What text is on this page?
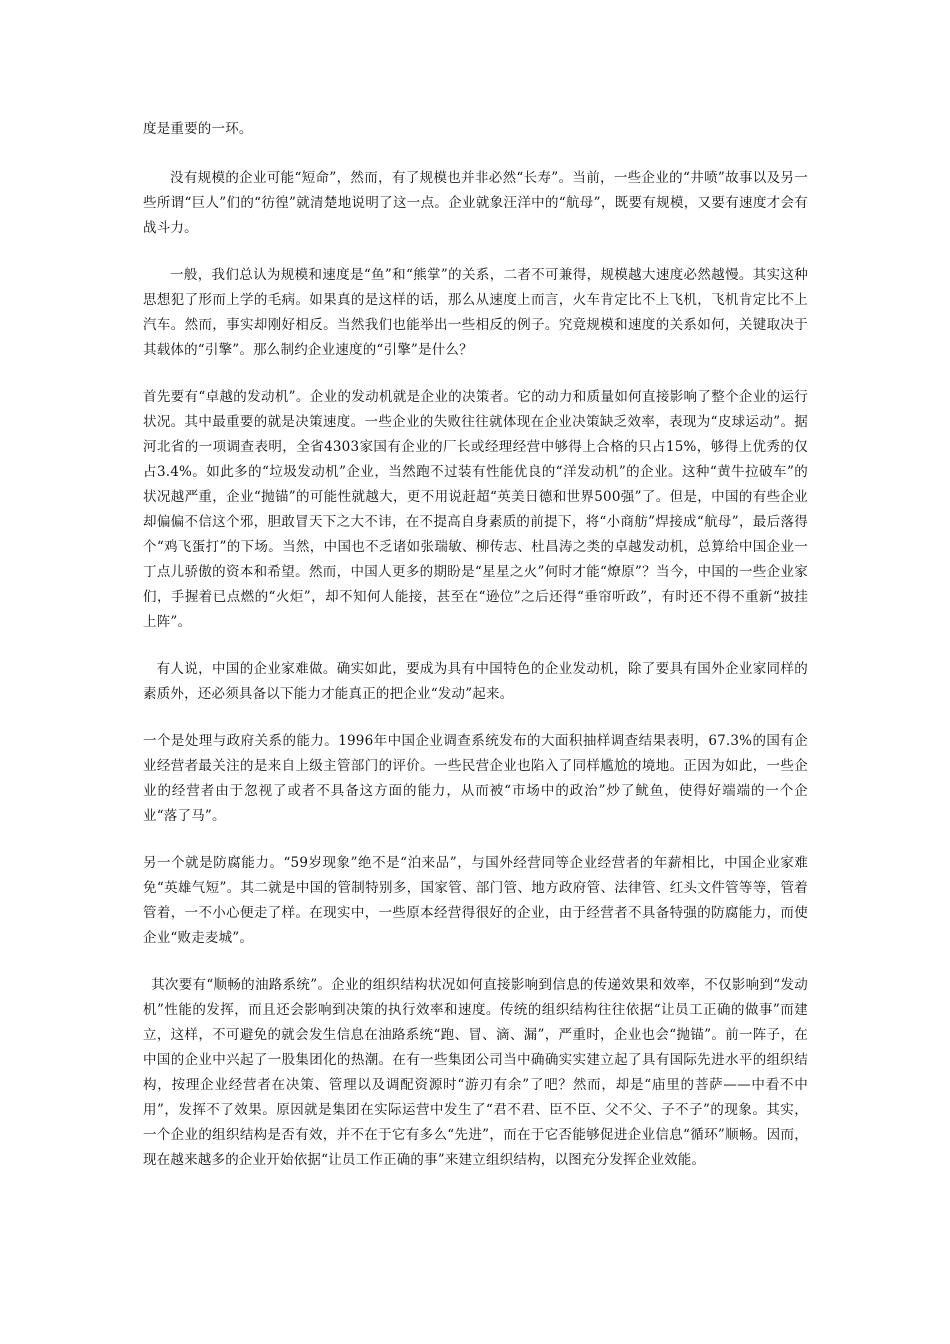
度是重要的一环。

没有规模的企业可能“短命”，然而，有了规模也并非必然“长寿”。当前，一些企业的“井喷”故事以及另一些所谓“巨人”们的“彷徨”就清楚地说明了这一点。企业就象汪洋中的“航母”，既要有规模，又要有速度才会有战斗力。

一般，我们总认为规模和速度是“鱼”和“熊掌”的关系，二者不可兼得，规模越大速度必然越慢。其实这种思想犯了形而上学的毛病。如果真的是这样的话，那么从速度上而言，火车肯定比不上飞机，飞机肯定比不上汽车。然而，事实却刚好相反。当然我们也能举出一些相反的例子。究竟规模和速度的关系如何，关键取决于其载体的“引擎”。那么制约企业速度的“引擎”是什么？

首先要有“卓越的发动机”。企业的发动机就是企业的决策者。它的动力和质量如何直接影响了整个企业的运行状况。其中最重要的就是决策速度。一些企业的失败往往就体现在企业决策缺乏效率，表现为“皮球运动”。据河北省的一项调查表明，全省4303家国有企业的厂长或经理经营中够得上合格的只占15%，够得上优秀的仅占3.4%。如此多的“垃圾发动机”企业，当然跑不过装有性能优良的“洋发动机”的企业。这种“黄牛拉破车”的状况越严重，企业“抛锚”的可能性就越大，更不用说赶超“英美日德和世界500强”了。但是，中国的有些企业却偏偏不信这个邪，胆敢冒天下之大不讳，在不提高自身素质的前提下，将“小商舫”焊接成“航母”，最后落得个“鸡飞蛋打”的下场。当然，中国也不乏诸如张瑞敏、柳传志、杜昌涛之类的卓越发动机，总算给中国企业一丁点儿骄傲的资本和希望。然而，中国人更多的期盼是“星星之火”何时才能“燎原”？当今，中国的一些企业家们，手握着已点燃的“火炬”，却不知何人能接，甚至在“逊位”之后还得“垂帘听政”，有时还不得不重新“披挂上阵”。

有人说，中国的企业家难做。确实如此，要成为具有中国特色的企业发动机，除了要具有国外企业家同样的素质外，还必须具备以下能力才能真正的把企业“发动”起来。

一个是处理与政府关系的能力。1996年中国企业调查系统发布的大面积抽样调查结果表明，67.3%的国有企业经营者最关注的是来自上级主管部门的评价。一些民营企业也陷入了同样尴尬的境地。正因为如此，一些企业的经营者由于忽视了或者不具备这方面的能力，从而被“市场中的政治”炒了鱿鱼，使得好端端的一个企业“落了马”。

另一个就是防腐能力。“59岁现象”绝不是“泊来品”，与国外经营同等企业经营者的年薪相比，中国企业家难免“英雄气短”。其二就是中国的管制特别多，国家管、部门管、地方政府管、法律管、红头文件管等等，管着管着，一不小心便走了样。在现实中，一些原本经营得很好的企业，由于经营者不具备特强的防腐能力，而使企业“败走麦城”。

其次要有“顺畅的油路系统”。企业的组织结构状况如何直接影响到信息的传递效果和效率，不仅影响到“发动机”性能的发挥，而且还会影响到决策的执行效率和速度。传统的组织结构往往依据“让员工正确的做事”而建立，这样，不可避免的就会发生信息在油路系统“跑、冒、滴、漏”，严重时，企业也会“抛锚”。前一阵子，在中国的企业中兴起了一股集团化的热潮。在有一些集团公司当中确确实实建立起了具有国际先进水平的组织结构，按理企业经营者在决策、管理以及调配资源时“游刃有余”了吧？然而，却是“庙里的菩萨——中看不中用”，发挥不了效果。原因就是集团在实际运营中发生了“君不君、臣不臣、父不父、子不子”的现象。其实，一个企业的组织结构是否有效，并不在于它有多么“先进”，而在于它否能够促进企业信息“循环”顺畅。因而，现在越来越多的企业开始依据“让员工作正确的事”来建立组织结构，以图充分发挥企业效能。
